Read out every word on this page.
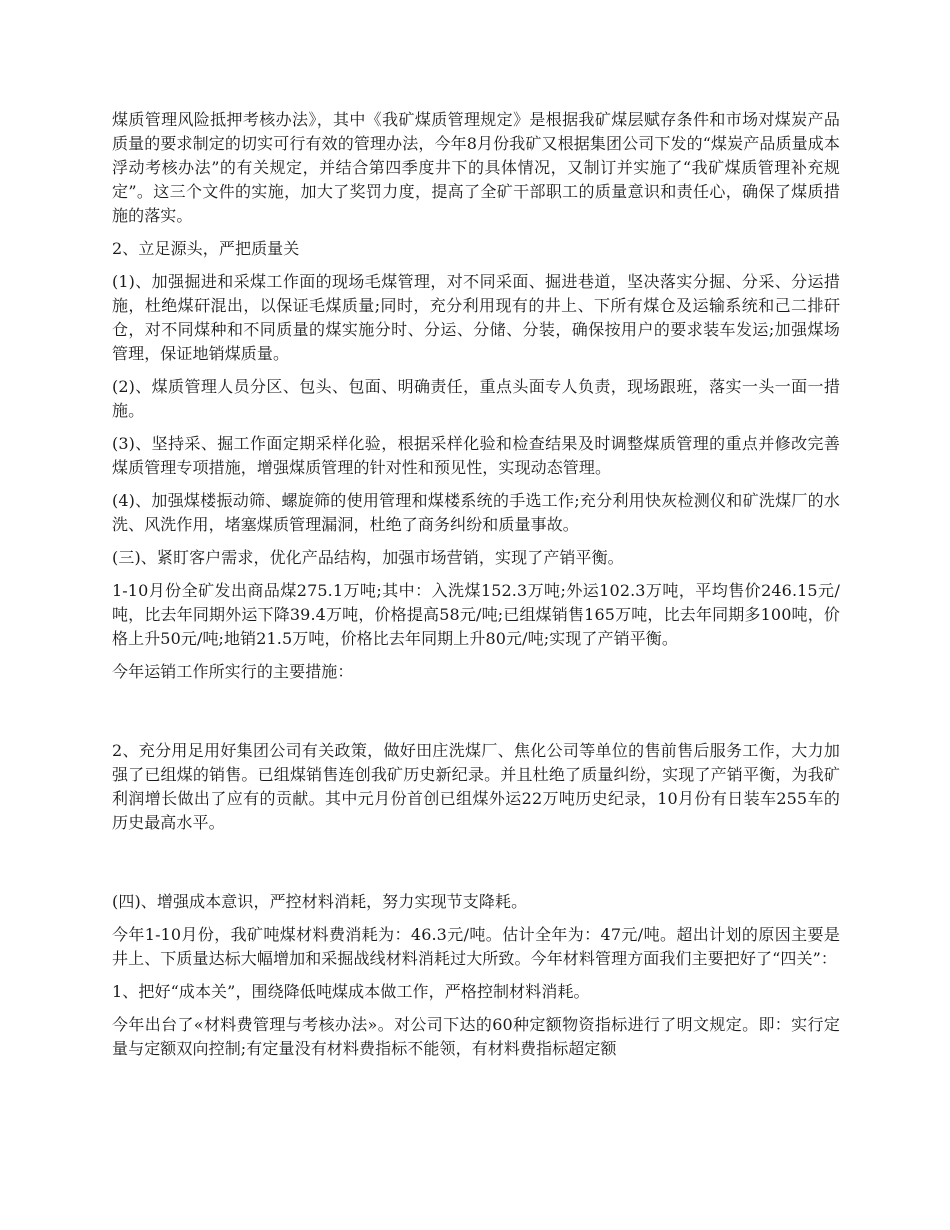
煤质管理风险抵押考核办法》，其中《我矿煤质管理规定》是根据我矿煤层赋存条件和市场对煤炭产品质量的要求制定的切实可行有效的管理办法，今年8月份我矿又根据集团公司下发的“煤炭产品质量成本浮动考核办法”的有关规定，并结合第四季度井下的具体情况，又制订并实施了“我矿煤质管理补充规定”。这三个文件的实施，加大了奖罚力度，提高了全矿干部职工的质量意识和责任心，确保了煤质措施的落实。

2、立足源头，严把质量关

(1)、加强掘进和采煤工作面的现场毛煤管理，对不同采面、掘进巷道，坚决落实分掘、分采、分运措施，杜绝煤矸混出，以保证毛煤质量;同时，充分利用现有的井上、下所有煤仓及运输系统和己二排矸仓，对不同煤种和不同质量的煤实施分时、分运、分储、分装，确保按用户的要求装车发运;加强煤场管理，保证地销煤质量。

(2)、煤质管理人员分区、包头、包面、明确责任，重点头面专人负责，现场跟班，落实一头一面一措施。

(3)、坚持采、掘工作面定期采样化验，根据采样化验和检查结果及时调整煤质管理的重点并修改完善煤质管理专项措施，增强煤质管理的针对性和预见性，实现动态管理。

(4)、加强煤楼振动筛、螺旋筛的使用管理和煤楼系统的手选工作;充分利用快灰检测仪和矿洗煤厂的水洗、风洗作用，堵塞煤质管理漏洞，杜绝了商务纠纷和质量事故。

(三)、紧盯客户需求，优化产品结构，加强市场营销，实现了产销平衡。

1-10月份全矿发出商品煤275.1万吨;其中：入洗煤152.3万吨;外运102.3万吨，平均售价246.15元/吨，比去年同期外运下降39.4万吨，价格提高58元/吨;已组煤销售165万吨，比去年同期多100吨，价格上升50元/吨;地销21.5万吨，价格比去年同期上升80元/吨;实现了产销平衡。

今年运销工作所实行的主要措施：

2、充分用足用好集团公司有关政策，做好田庄洗煤厂、焦化公司等单位的售前售后服务工作，大力加强了已组煤的销售。已组煤销售连创我矿历史新纪录。并且杜绝了质量纠纷，实现了产销平衡，为我矿利润增长做出了应有的贡献。其中元月份首创已组煤外运22万吨历史纪录，10月份有日装车255车的历史最高水平。

(四)、增强成本意识，严控材料消耗，努力实现节支降耗。

今年1-10月份，我矿吨煤材料费消耗为：46.3元/吨。估计全年为：47元/吨。超出计划的原因主要是井上、下质量达标大幅增加和采掘战线材料消耗过大所致。今年材料管理方面我们主要把好了“四关”：

1、把好“成本关”，围绕降低吨煤成本做工作，严格控制材料消耗。

今年出台了«材料费管理与考核办法»。对公司下达的60种定额物资指标进行了明文规定。即：实行定量与定额双向控制;有定量没有材料费指标不能领，有材料费指标超定额
